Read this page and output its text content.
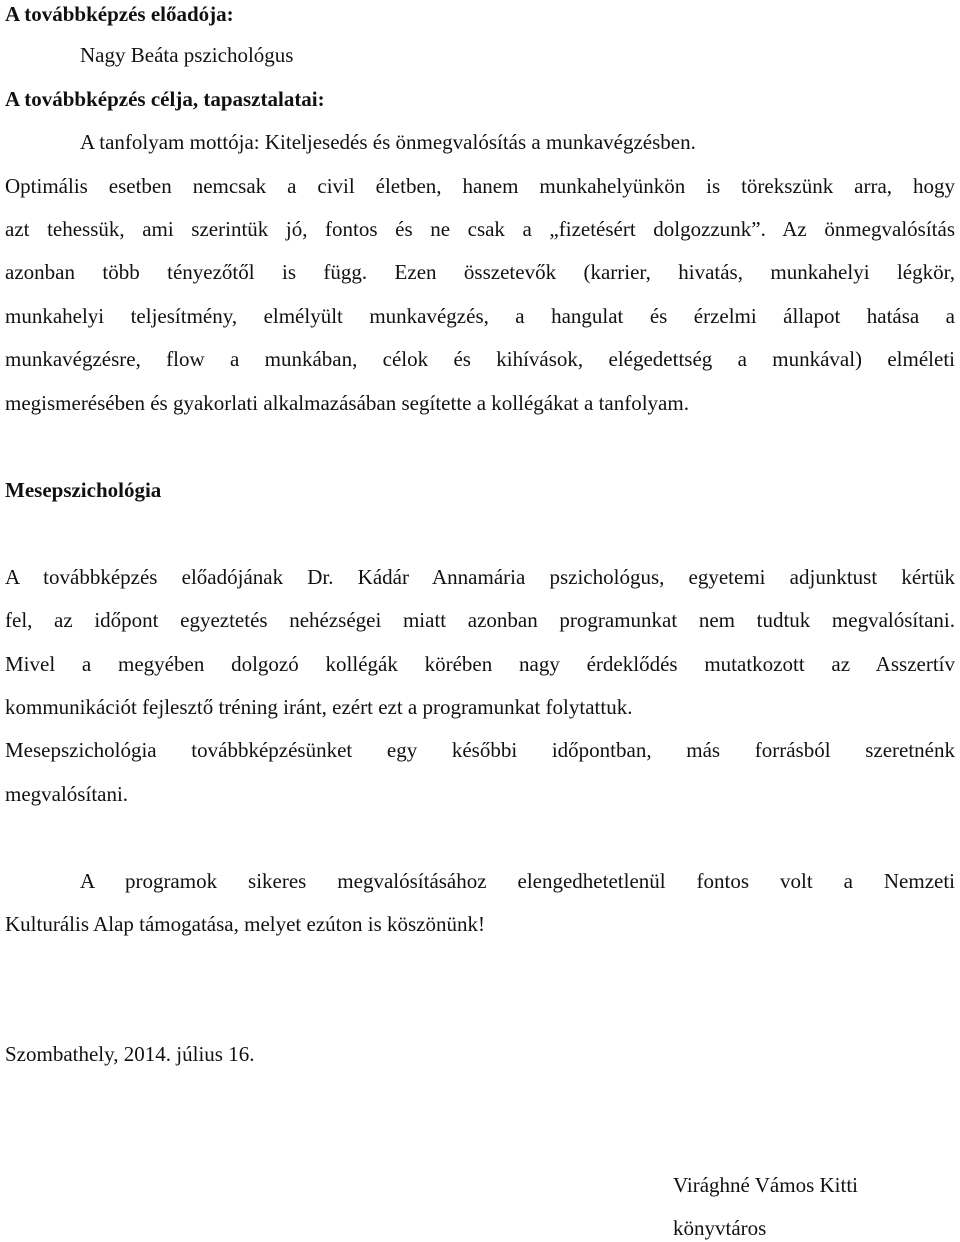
A továbbképzés előadója:
Nagy Beáta pszichológus
A továbbképzés célja, tapasztalatai:
A tanfolyam mottója: Kiteljesedés és önmegvalósítás a munkavégzésben.
Optimális esetben nemcsak a civil életben, hanem munkahelyünkön is törekszünk arra, hogy
azt tehessük, ami szerintük jó, fontos és ne csak a „fizetésért dolgozzunk”. Az önmegvalósítás
azonban több tényezőtől is függ. Ezen összetevők (karrier, hivatás, munkahelyi légkör,
munkahelyi teljesítmény, elmélyült munkavégzés, a hangulat és érzelmi állapot hatása a
munkavégzésre, flow a munkában, célok és kihívások, elégedettség a munkával) elméleti
megismerésében és gyakorlati alkalmazásában segítette a kollégákat a tanfolyam.
Mesepszichológia
A továbbképzés előadójának Dr. Kádár Annamária pszichológus, egyetemi adjunktust kértük
fel, az időpont egyeztetés nehézségei miatt azonban programunkat nem tudtuk megvalósítani.
Mivel a megyében dolgozó kollégák körében nagy érdeklődés mutatkozott az Asszertív
kommunikációt fejlesztő tréning iránt, ezért ezt a programunkat folytattuk.
Mesepszichológia továbbképzésünket egy későbbi időpontban, más forrásból szeretnénk
megvalósítani.
A programok sikeres megvalósításához elengedhetetlenül fontos volt a Nemzeti
Kulturális Alap támogatása, melyet ezúton is köszönünk!
Szombathely, 2014. július 16.
Virághné Vámos Kitti
könyvtáros
